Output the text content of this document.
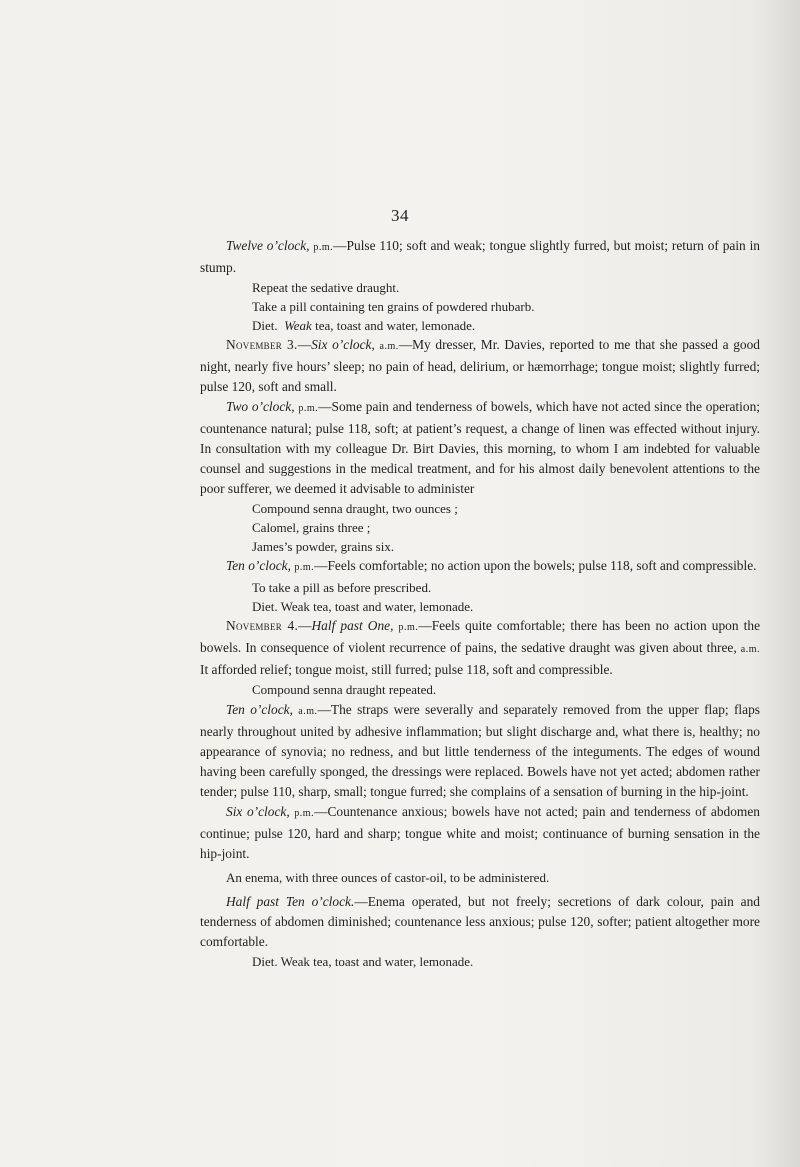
34

Twelve o’clock, p.m.—Pulse 110; soft and weak; tongue slightly furred, but moist; return of pain in stump.

Repeat the sedative draught.

Take a pill containing ten grains of powdered rhubarb.

Diet. Weak tea, toast and water, lemonade.

November 3.—Six o’clock, a.m.—My dresser, Mr. Davies, reported to me that she passed a good night, nearly five hours’ sleep; no pain of head, delirium, or hæmorrhage; tongue moist; slightly furred; pulse 120, soft and small.

Two o’clock, p.m.—Some pain and tenderness of bowels, which have not acted since the operation; countenance natural; pulse 118, soft; at patient’s request, a change of linen was effected without injury. In consultation with my colleague Dr. Birt Davies, this morning, to whom I am indebted for valuable counsel and suggestions in the medical treatment, and for his almost daily benevolent attentions to the poor sufferer, we deemed it advisable to administer

Compound senna draught, two ounces ;

Calomel, grains three ;

James’s powder, grains six.

Ten o’clock, p.m.—Feels comfortable; no action upon the bowels; pulse 118, soft and compressible.

To take a pill as before prescribed.

Diet. Weak tea, toast and water, lemonade.

November 4.—Half past One, p.m.—Feels quite comfortable; there has been no action upon the bowels. In consequence of violent recurrence of pains, the sedative draught was given about three, a.m. It afforded relief; tongue moist, still furred; pulse 118, soft and compressible.

Compound senna draught repeated.

Ten o’clock, a.m.—The straps were severally and separately removed from the upper flap; flaps nearly throughout united by adhesive inflammation; but slight discharge and, what there is, healthy; no appearance of synovia; no redness, and but little tenderness of the integuments. The edges of wound having been carefully sponged, the dressings were replaced. Bowels have not yet acted; abdomen rather tender; pulse 110, sharp, small; tongue furred; she complains of a sensation of burning in the hip-joint.

Six o’clock, p.m.—Countenance anxious; bowels have not acted; pain and tenderness of abdomen continue; pulse 120, hard and sharp; tongue white and moist; continuance of burning sensation in the hip-joint.

An enema, with three ounces of castor-oil, to be administered.

Half past Ten o’clock.—Enema operated, but not freely; secretions of dark colour, pain and tenderness of abdomen diminished; countenance less anxious; pulse 120, softer; patient altogether more comfortable.

Diet. Weak tea, toast and water, lemonade.
